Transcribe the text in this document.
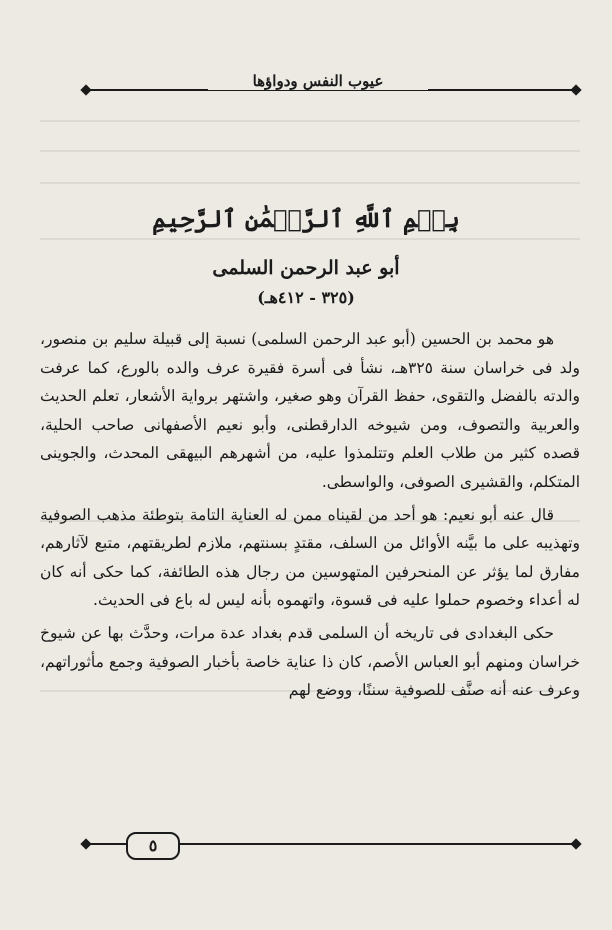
عيوب النفس ودواؤها
بِسۡمِ ٱللَّهِ ٱلرَّحۡمَٰنِ ٱلرَّحِيمِ
أبو عبد الرحمن السلمى
(٣٢٥ - ٤١٢هـ)

هو محمد بن الحسين (أبو عبد الرحمن السلمى) نسبة إلى قبيلة سليم بن منصور، ولد فى خراسان سنة ٣٢٥هـ، نشأ فى أسرة فقيرة عرف والده بالورع، كما عرفت والدته بالفضل والتقوى، حفظ القرآن وهو صغير، واشتهر برواية الأشعار، تعلم الحديث والعربية والتصوف، ومن شيوخه الدارقطنى، وأبو نعيم الأصفهانى صاحب الحلية، قصده كثير من طلاب العلم وتتلمذوا عليه، من أشهرهم البيهقى المحدث، والجوينى المتكلم، والقشيرى الصوفى، والواسطى.

قال عنه أبو نعيم: هو أحد من لقيناه ممن له العناية التامة بتوطئة مذهب الصوفية وتهذيبه على ما بيَّنه الأوائل من السلف، مقتدٍ بسنتهم، ملازم لطريقتهم، متبع لآثارهم، مفارق لما يؤثر عن المنحرفين المتهوسين من رجال هذه الطائفة، كما حكى أنه كان له أعداء وخصوم حملوا عليه فى قسوة، واتهموه بأنه ليس له باع فى الحديث.

حكى البغدادى فى تاريخه أن السلمى قدم بغداد عدة مرات، وحدَّث بها عن شيوخ خراسان ومنهم أبو العباس الأصم، كان ذا عناية خاصة بأخبار الصوفية وجمع مأثوراتهم، وعرف عنه أنه صنَّف للصوفية سننًا، ووضع لهم

٥
